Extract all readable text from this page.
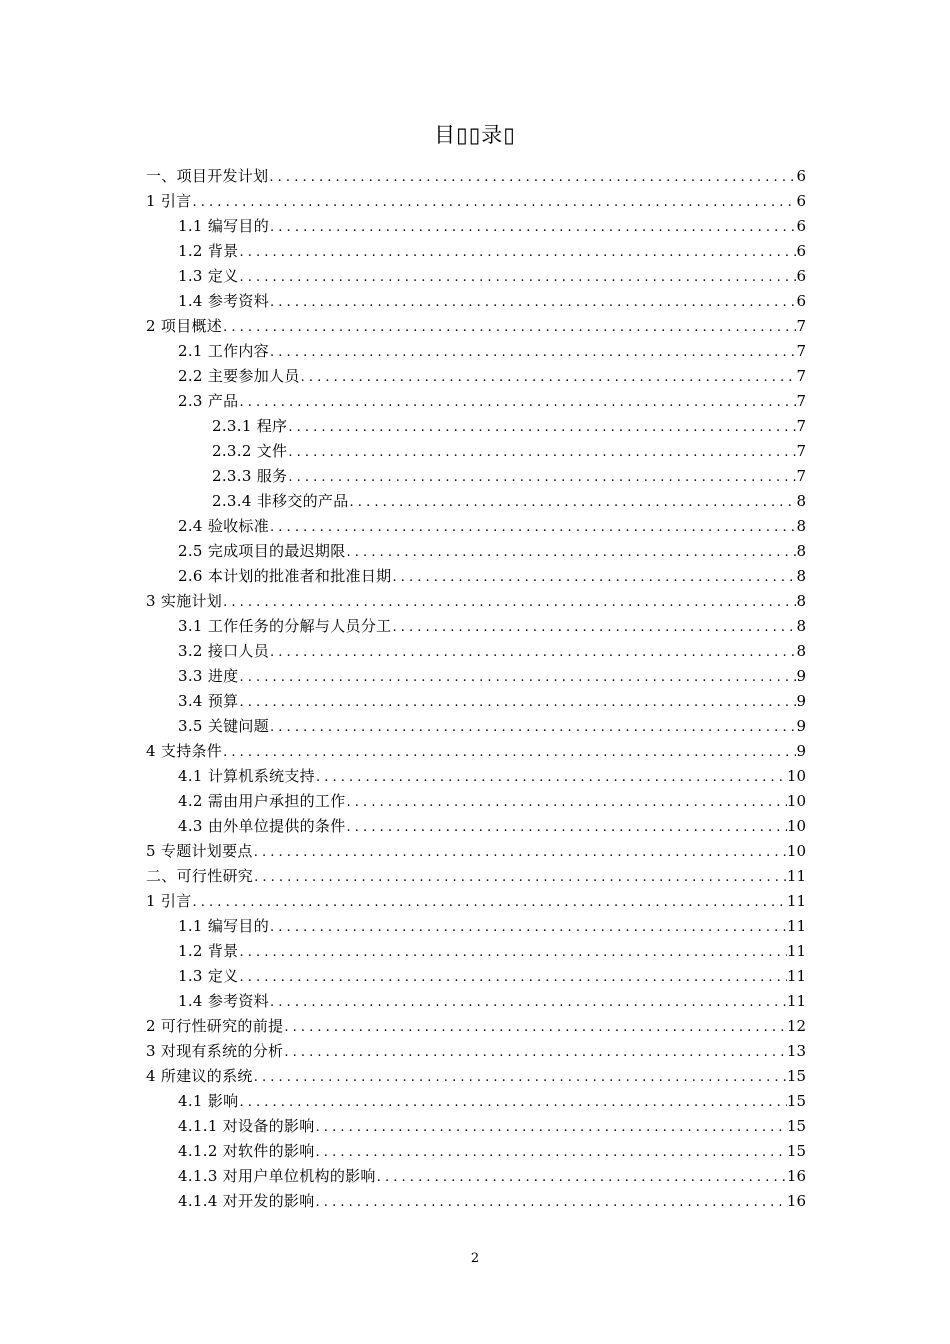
目▯▯录▯
一、项目开发计划 . . .	6
1 引言 . . .	6
1.1 编写目的 . . .	6
1.2 背景 . . .	6
1.3 定义 . . .	6
1.4 参考资料 . . .	6
2 项目概述 . . .	7
2.1 工作内容 . . .	7
2.2 主要参加人员 . . .	7
2.3 产品 . . .	7
2.3.1 程序 . . .	7
2.3.2 文件 . . .	7
2.3.3 服务 . . .	7
2.3.4 非移交的产品 . . .	8
2.4 验收标准 . . .	8
2.5 完成项目的最迟期限 . . .	8
2.6 本计划的批准者和批准日期 . . .	8
3 实施计划 . . .	8
3.1 工作任务的分解与人员分工 . . .	8
3.2 接口人员 . . .	8
3.3 进度 . . .	9
3.4 预算 . . .	9
3.5 关键问题 . . .	9
4 支持条件 . . .	9
4.1 计算机系统支持 . . .	10
4.2 需由用户承担的工作 . . .	10
4.3 由外单位提供的条件 . . .	10
5 专题计划要点 . . .	10
二、可行性研究 . . .	11
1 引言 . . .	11
1.1 编写目的 . . .	11
1.2 背景 . . .	11
1.3 定义 . . .	11
1.4 参考资料 . . .	11
2 可行性研究的前提 . . .	12
3 对现有系统的分析 . . .	13
4 所建议的系统 . . .	15
4.1 影响 . . .	15
4.1.1 对设备的影响 . . .	15
4.1.2 对软件的影响 . . .	15
4.1.3 对用户单位机构的影响 . . .	16
4.1.4 对开发的影响 . . .	16
2
